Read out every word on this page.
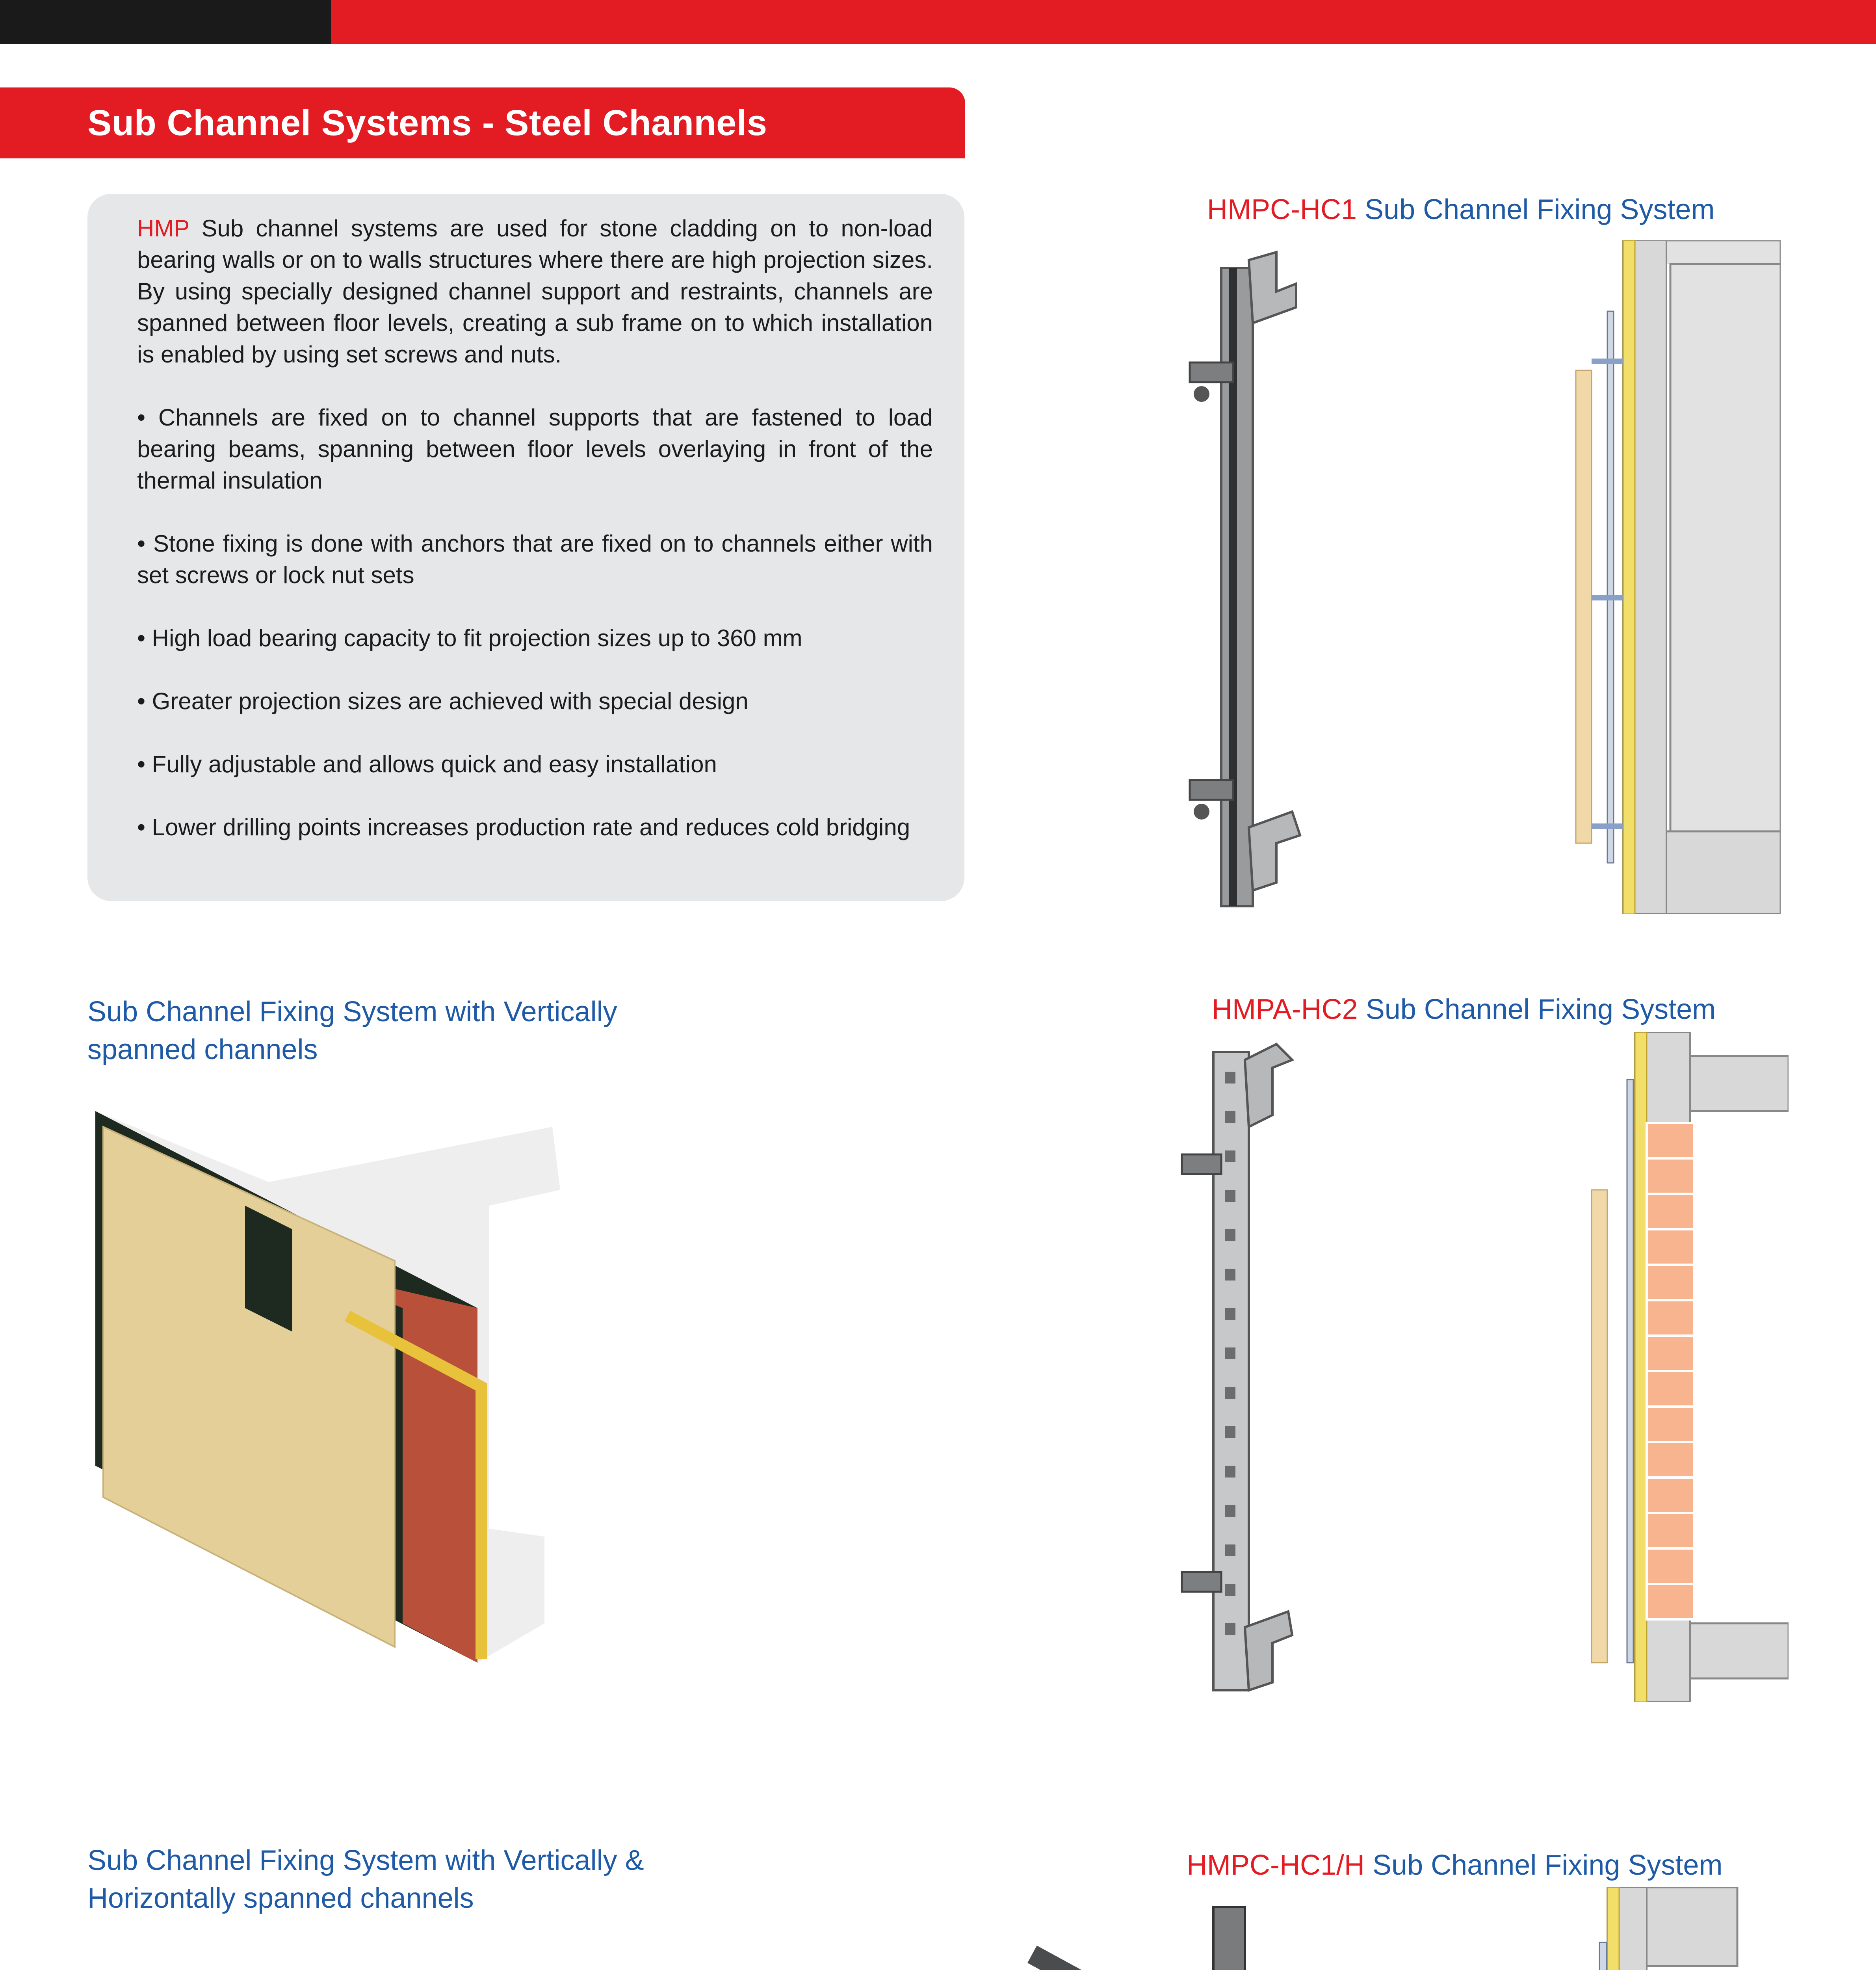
Sub Channel Systems - Steel Channels

HMP Sub channel systems are used for stone cladding on to non-load bearing walls or on to walls structures where there are high projection sizes. By using specially designed channel support and restraints, channels are spanned between floor levels, creating a sub frame on to which installation is enabled by using set screws and nuts.

• Channels are fixed on to channel supports that are fastened to load bearing beams, spanning between floor levels overlaying in front of the thermal insulation

• Stone fixing is done with anchors that are fixed on to channels either with set screws or lock nut sets

• High load bearing capacity to fit projection sizes up to 360 mm

• Greater projection sizes are achieved with special design

• Fully adjustable and allows quick and easy installation

• Lower drilling points increases production rate and reduces cold bridging

HMPC-HC1 Sub Channel Fixing System
HMPA-HC2 Sub Channel Fixing System
HMPC-HC1/H Sub Channel Fixing System
Sub Channel Fixing System with Vertically
spanned channels
Sub Channel Fixing System with Vertically &
Horizontally spanned channels
